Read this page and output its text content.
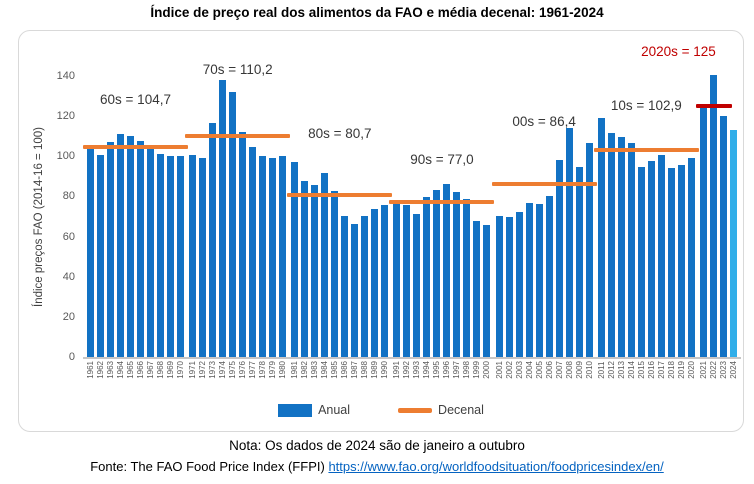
Índice de preço real dos alimentos da FAO e média decenal: 1961-2024
Índice preços FAO (2014-16 = 100)
0
20
40
60
80
100
120
140
60s = 104,7
70s = 110,2
80s = 80,7
90s = 77,0
00s = 86,4
10s = 102,9
2020s = 125
1961 1962 1963 1964 1965 1966 1967 1968 1969 1970 1971 1972 1973 1974 1975 1976 1977 1978 1979 1980 1981 1982 1983 1984 1985 1986 1987 1988 1989 1990 1991 1992 1993 1994 1995 1996 1997 1998 1999 2000 2001 2002 2003 2004 2005 2006 2007 2008 2009 2010 2011 2012 2013 2014 2015 2016 2017 2018 2019 2020 2021 2022 2023 2024
Anual	Decenal
Nota: Os dados de 2024 são de janeiro a outubro
Fonte: The FAO Food Price Index (FFPI) https://www.fao.org/worldfoodsituation/foodpricesindex/en/
